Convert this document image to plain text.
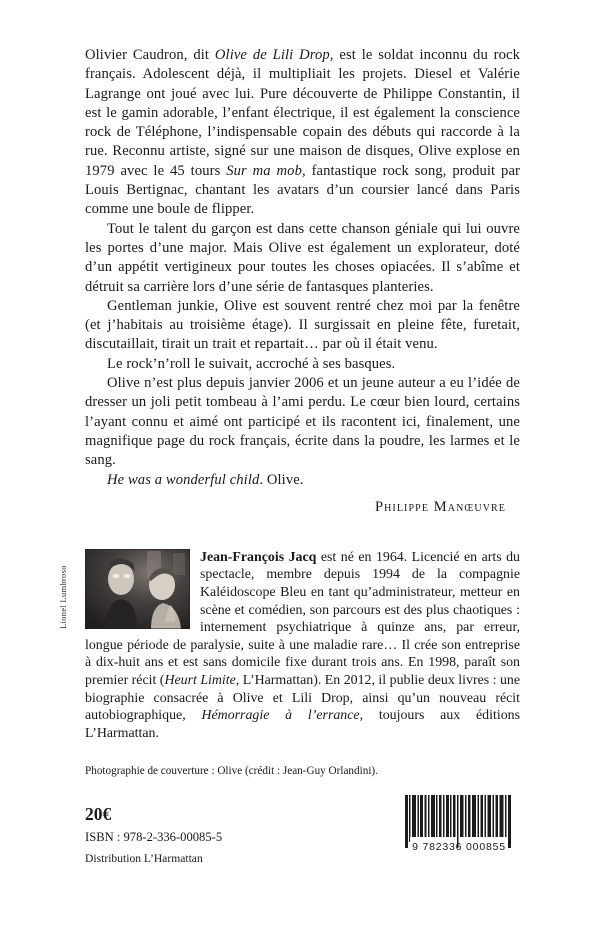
Olivier Caudron, dit Olive de Lili Drop, est le soldat inconnu du rock français. Adolescent déjà, il multipliait les projets. Diesel et Valérie Lagrange ont joué avec lui. Pure découverte de Philippe Constantin, il est le gamin adorable, l’enfant électrique, il est également la conscience rock de Téléphone, l’indispensable copain des débuts qui raccorde à la rue. Reconnu artiste, signé sur une maison de disques, Olive explose en 1979 avec le 45 tours Sur ma mob, fantastique rock song, produit par Louis Bertignac, chantant les avatars d’un coursier lancé dans Paris comme une boule de flipper.

Tout le talent du garçon est dans cette chanson géniale qui lui ouvre les portes d’une major. Mais Olive est également un explorateur, doté d’un appétit vertigineux pour toutes les choses opiacées. Il s’abîme et détruit sa carrière lors d’une série de fantasques planteries.

Gentleman junkie, Olive est souvent rentré chez moi par la fenêtre (et j’habitais au troisième étage). Il surgissait en pleine fête, furetait, discutaillait, tirait un trait et repartait… par où il était venu.

Le rock’n’roll le suivait, accroché à ses basques.

Olive n’est plus depuis janvier 2006 et un jeune auteur a eu l’idée de dresser un joli petit tombeau à l’ami perdu. Le cœur bien lourd, certains l’ayant connu et aimé ont participé et ils racontent ici, finalement, une magnifique page du rock français, écrite dans la poudre, les larmes et le sang.

He was a wonderful child. Olive.

Philippe Manœuvre
Lionel Lumbroso

Jean-François Jacq est né en 1964. Licencié en arts du spectacle, membre depuis 1994 de la compagnie Kaléidoscope Bleu en tant qu’administrateur, metteur en scène et comédien, son parcours est des plus chaotiques : internement psychiatrique à quinze ans, par erreur, longue période de paralysie, suite à une maladie rare… Il crée son entreprise à dix-huit ans et est sans domicile fixe durant trois ans. En 1998, paraît son premier récit (Heurt Limite, L’Harmattan). En 2012, il publie deux livres : une biographie consacrée à Olive et Lili Drop, ainsi qu’un nouveau récit autobiographique, Hémorragie à l’errance, toujours aux éditions L’Harmattan.

Photographie de couverture : Olive (crédit : Jean-Guy Orlandini).

20€
ISBN : 978-2-336-00085-5
Distribution L’Harmattan
9 782336 000855
